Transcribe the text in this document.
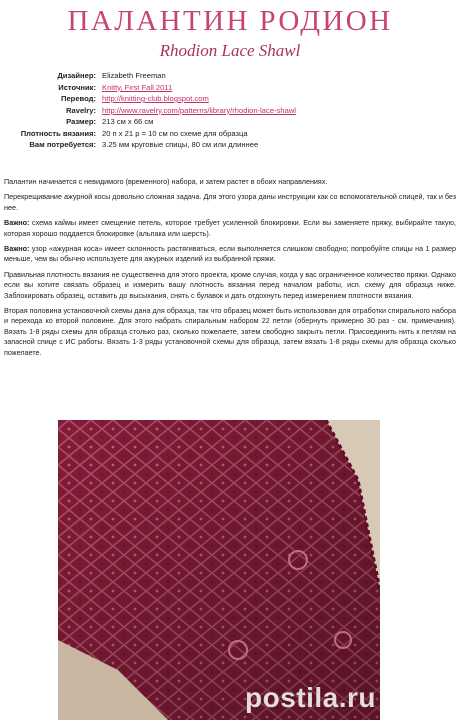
ПАЛАНТИН РОДИОН
Rhodion Lace Shawl
Дизайнер: Elizabeth Freeman
Источник: Knitty, First Fall 2011
Перевод: http://knitting-club.blogspot.com
Ravelry: http://www.ravelry.com/patterns/library/rhodion-lace-shawl
Размер: 213 см х 66 см
Плотность вязания: 20 п х 21 р = 10 см по схеме для образца
Вам потребуется: 3.25 мм круговые спицы, 80 см или длиннее

Палантин начинается с невидимого (временного) набора, и затем растет в обоих направлениях.

Перекрещивание ажурной косы довольно сложная задача. Для этого узора даны инструкции как со вспомогательной спицей, так и без нее.

Важно: схема каймы имеет смещение петель, которое требует усиленной блокировки. Если вы заменяете пряжу, выбирайте такую, которая хорошо поддается блокировке (альпака или шерсть).

Важно: узор «ажурная коса» имеет склонность растягиваться, если выполняется слишком свободно; попробуйте спицы на 1 размер меньше, чем вы обычно используете для ажурных изделий из выбранной пряжи.

Правильная плотность вязания не существенна для этого проекта, кроме случая, когда у вас ограниченное количество пряжи. Однако если вы хотите связать образец и измерить вашу плотность вязания перед началом работы, исп. схему для образца ниже. Заблокировать образец, оставить до высыхания, снять с булавок и дать отдохнуть перед измерением плотности вязания.

Вторая половина установочной схемы дана для образца, так что образец может быть использован для отработки спирального набора и перехода ко второй половине. Для этого набрать спиральным набором 22 петли (обернуть примерно 30 раз - см. примечания). Вязать 1-8 ряды схемы для образца столько раз, сколько пожелаете, затем свободно закрыть петли. Присоединить нить к петлям на запасной спице с ИС работы. Вязать 1-3 ряды установочной схемы для образца, затем вязать 1-8 ряды схемы для образца сколько пожелаете.

postila.ru
